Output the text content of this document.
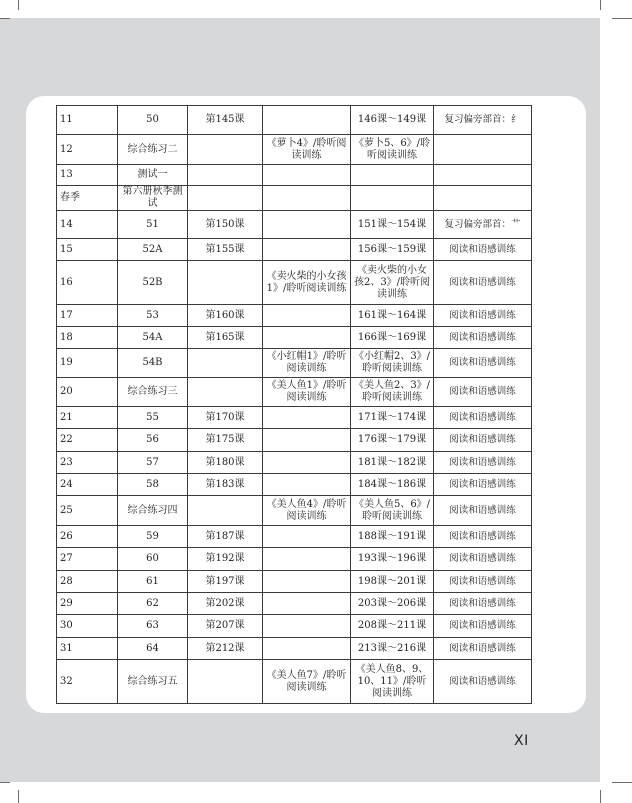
11	50	第145课		146课～149课	复习偏旁部首：纟
12	综合练习二		《萝卜4》/聆听阅读训练	《萝卜5、6》/聆听阅读训练	
13	测试一				
春季	第六册秋季测试				
14	51	第150课		151课～154课	复习偏旁部首：艹
15	52A	第155课		156课～159课	阅读和语感训练
16	52B		《卖火柴的小女孩1》/聆听阅读训练	《卖火柴的小女孩2、3》/聆听阅读训练	阅读和语感训练
17	53	第160课		161课～164课	阅读和语感训练
18	54A	第165课		166课～169课	阅读和语感训练
19	54B		《小红帽1》/聆听阅读训练	《小红帽2、3》/聆听阅读训练	阅读和语感训练
20	综合练习三		《美人鱼1》/聆听阅读训练	《美人鱼2、3》/聆听阅读训练	阅读和语感训练
21	55	第170课		171课～174课	阅读和语感训练
22	56	第175课		176课～179课	阅读和语感训练
23	57	第180课		181课～182课	阅读和语感训练
24	58	第183课		184课～186课	阅读和语感训练
25	综合练习四		《美人鱼4》/聆听阅读训练	《美人鱼5、6》/聆听阅读训练	阅读和语感训练
26	59	第187课		188课～191课	阅读和语感训练
27	60	第192课		193课～196课	阅读和语感训练
28	61	第197课		198课～201课	阅读和语感训练
29	62	第202课		203课～206课	阅读和语感训练
30	63	第207课		208课～211课	阅读和语感训练
31	64	第212课		213课～216课	阅读和语感训练
32	综合练习五		《美人鱼7》/聆听阅读训练	《美人鱼8、9、10、11》/聆听阅读训练	阅读和语感训练
XI
